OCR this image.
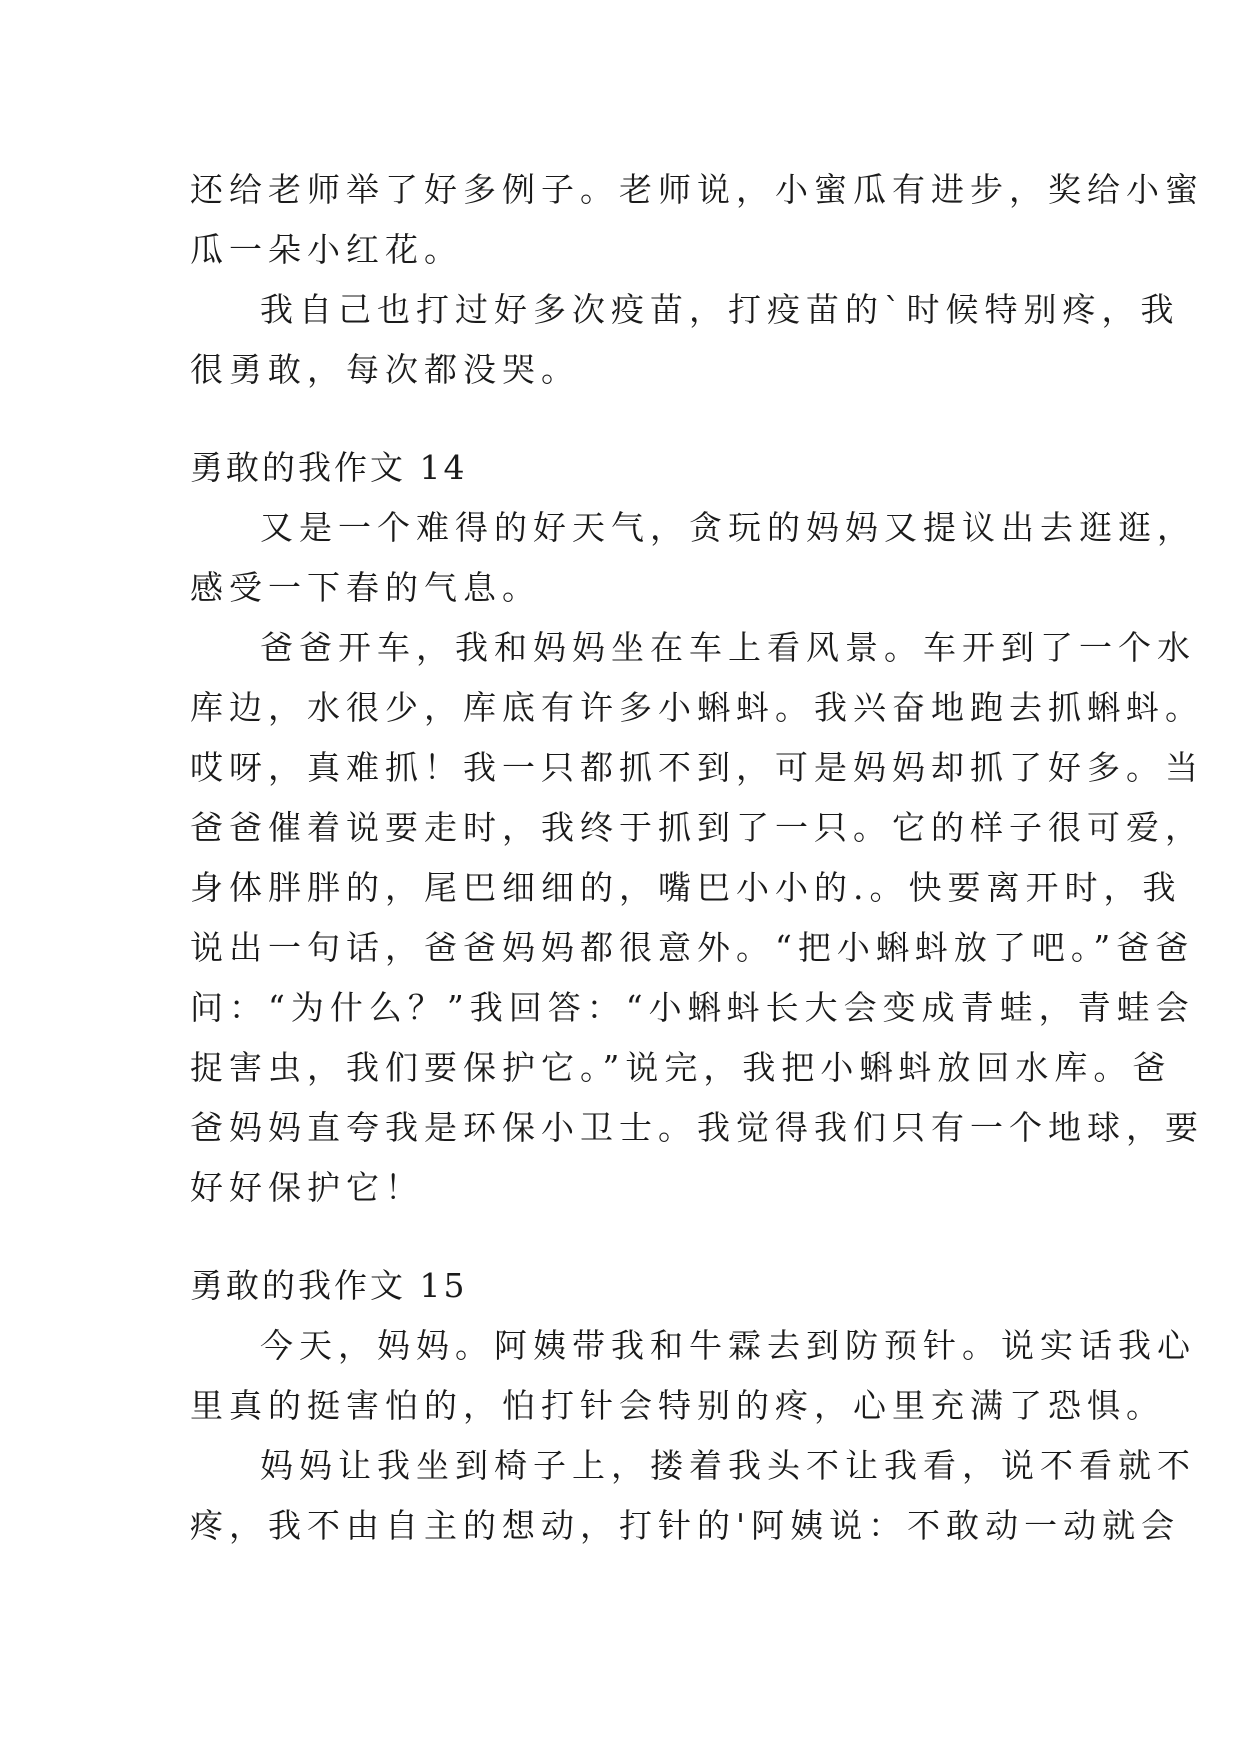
还给老师举了好多例子。老师说，小蜜瓜有进步，奖给小蜜
瓜一朵小红花。
我自己也打过好多次疫苗，打疫苗的`时候特别疼，我
很勇敢，每次都没哭。
勇敢的我作文 14
又是一个难得的好天气，贪玩的妈妈又提议出去逛逛，
感受一下春的气息。
爸爸开车，我和妈妈坐在车上看风景。车开到了一个水
库边，水很少，库底有许多小蝌蚪。我兴奋地跑去抓蝌蚪。
哎呀，真难抓！我一只都抓不到，可是妈妈却抓了好多。当
爸爸催着说要走时，我终于抓到了一只。它的样子很可爱，
身体胖胖的，尾巴细细的，嘴巴小小的.。快要离开时，我
说出一句话，爸爸妈妈都很意外。“把小蝌蚪放了吧。”爸爸
问：“为什么？”我回答：“小蝌蚪长大会变成青蛙，青蛙会
捉害虫，我们要保护它。”说完，我把小蝌蚪放回水库。爸
爸妈妈直夸我是环保小卫士。我觉得我们只有一个地球，要
好好保护它！
勇敢的我作文 15
今天，妈妈。阿姨带我和牛霖去到防预针。说实话我心
里真的挺害怕的，怕打针会特别的疼，心里充满了恐惧。
妈妈让我坐到椅子上，搂着我头不让我看，说不看就不
疼，我不由自主的想动，打针的'阿姨说：不敢动一动就会
